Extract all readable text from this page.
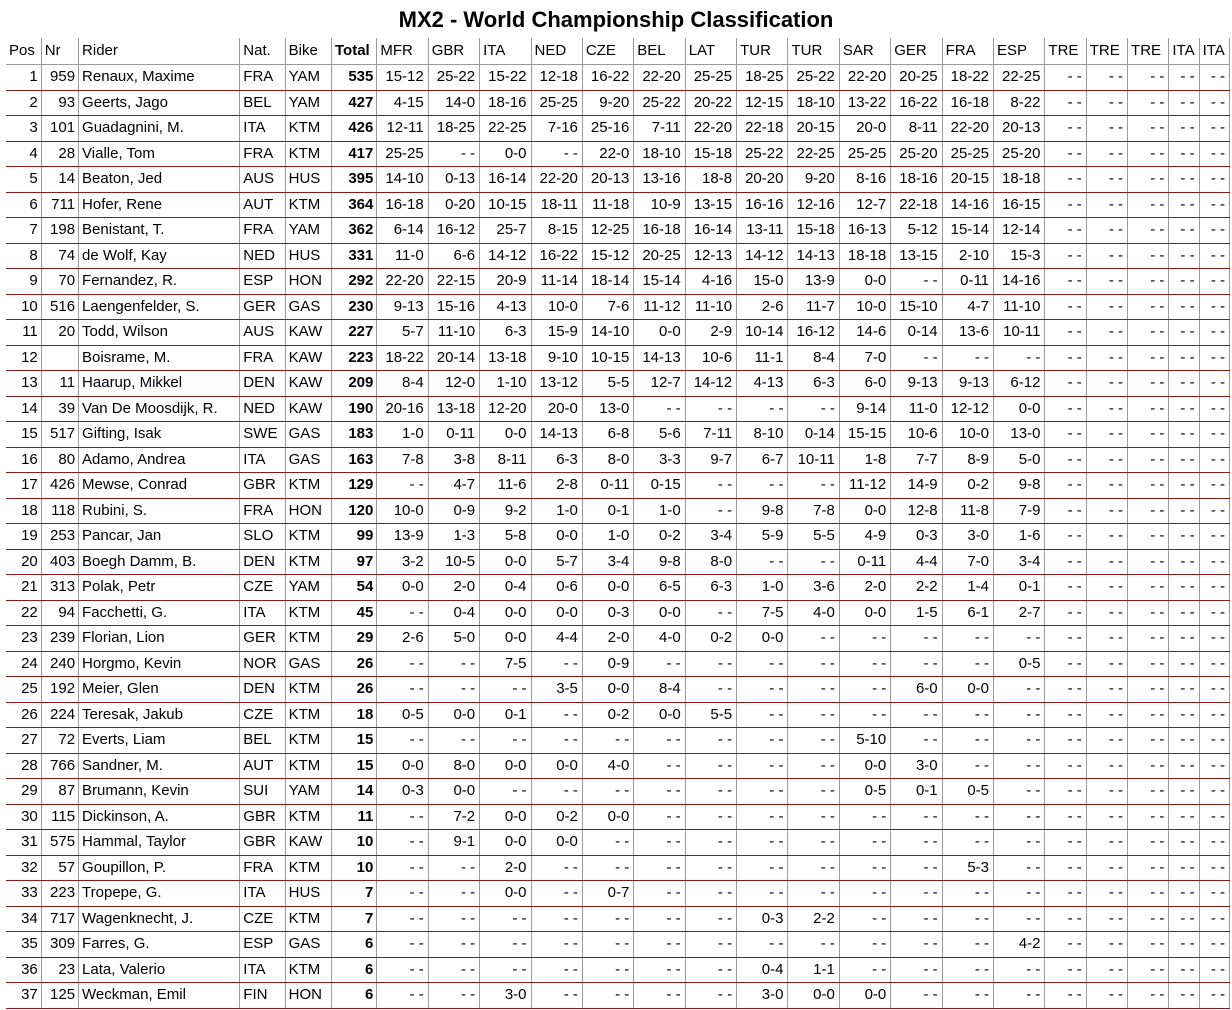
MX2 - World Championship Classification
Pos	Nr	Rider	Nat.	Bike	Total	MFR	GBR	ITA	NED	CZE	BEL	LAT	TUR	TUR	SAR	GER	FRA	ESP	TRE	TRE	TRE	ITA	ITA
1	959	Renaux, Maxime	FRA	YAM	535	15-12	25-22	15-22	12-18	16-22	22-20	25-25	18-25	25-22	22-20	20-25	18-22	22-25	- -	- -	- -	- -	- -
2	93	Geerts, Jago	BEL	YAM	427	4-15	14-0	18-16	25-25	9-20	25-22	20-22	12-15	18-10	13-22	16-22	16-18	8-22	- -	- -	- -	- -	- -
3	101	Guadagnini, M.	ITA	KTM	426	12-11	18-25	22-25	7-16	25-16	7-11	22-20	22-18	20-15	20-0	8-11	22-20	20-13	- -	- -	- -	- -	- -
4	28	Vialle, Tom	FRA	KTM	417	25-25	- -	0-0	- -	22-0	18-10	15-18	25-22	22-25	25-25	25-20	25-25	25-20	- -	- -	- -	- -	- -
5	14	Beaton, Jed	AUS	HUS	395	14-10	0-13	16-14	22-20	20-13	13-16	18-8	20-20	9-20	8-16	18-16	20-15	18-18	- -	- -	- -	- -	- -
6	711	Hofer, Rene	AUT	KTM	364	16-18	0-20	10-15	18-11	11-18	10-9	13-15	16-16	12-16	12-7	22-18	14-16	16-15	- -	- -	- -	- -	- -
7	198	Benistant, T.	FRA	YAM	362	6-14	16-12	25-7	8-15	12-25	16-18	16-14	13-11	15-18	16-13	5-12	15-14	12-14	- -	- -	- -	- -	- -
8	74	de Wolf, Kay	NED	HUS	331	11-0	6-6	14-12	16-22	15-12	20-25	12-13	14-12	14-13	18-18	13-15	2-10	15-3	- -	- -	- -	- -	- -
9	70	Fernandez, R.	ESP	HON	292	22-20	22-15	20-9	11-14	18-14	15-14	4-16	15-0	13-9	0-0	- -	0-11	14-16	- -	- -	- -	- -	- -
10	516	Laengenfelder, S.	GER	GAS	230	9-13	15-16	4-13	10-0	7-6	11-12	11-10	2-6	11-7	10-0	15-10	4-7	11-10	- -	- -	- -	- -	- -
11	20	Todd, Wilson	AUS	KAW	227	5-7	11-10	6-3	15-9	14-10	0-0	2-9	10-14	16-12	14-6	0-14	13-6	10-11	- -	- -	- -	- -	- -
12		Boisrame, M.	FRA	KAW	223	18-22	20-14	13-18	9-10	10-15	14-13	10-6	11-1	8-4	7-0	- -	- -	- -	- -	- -	- -	- -	- -
13	11	Haarup, Mikkel	DEN	KAW	209	8-4	12-0	1-10	13-12	5-5	12-7	14-12	4-13	6-3	6-0	9-13	9-13	6-12	- -	- -	- -	- -	- -
14	39	Van De Moosdijk, R.	NED	KAW	190	20-16	13-18	12-20	20-0	13-0	- -	- -	- -	- -	9-14	11-0	12-12	0-0	- -	- -	- -	- -	- -
15	517	Gifting, Isak	SWE	GAS	183	1-0	0-11	0-0	14-13	6-8	5-6	7-11	8-10	0-14	15-15	10-6	10-0	13-0	- -	- -	- -	- -	- -
16	80	Adamo, Andrea	ITA	GAS	163	7-8	3-8	8-11	6-3	8-0	3-3	9-7	6-7	10-11	1-8	7-7	8-9	5-0	- -	- -	- -	- -	- -
17	426	Mewse, Conrad	GBR	KTM	129	- -	4-7	11-6	2-8	0-11	0-15	- -	- -	- -	11-12	14-9	0-2	9-8	- -	- -	- -	- -	- -
18	118	Rubini, S.	FRA	HON	120	10-0	0-9	9-2	1-0	0-1	1-0	- -	9-8	7-8	0-0	12-8	11-8	7-9	- -	- -	- -	- -	- -
19	253	Pancar, Jan	SLO	KTM	99	13-9	1-3	5-8	0-0	1-0	0-2	3-4	5-9	5-5	4-9	0-3	3-0	1-6	- -	- -	- -	- -	- -
20	403	Boegh Damm, B.	DEN	KTM	97	3-2	10-5	0-0	5-7	3-4	9-8	8-0	- -	- -	0-11	4-4	7-0	3-4	- -	- -	- -	- -	- -
21	313	Polak, Petr	CZE	YAM	54	0-0	2-0	0-4	0-6	0-0	6-5	6-3	1-0	3-6	2-0	2-2	1-4	0-1	- -	- -	- -	- -	- -
22	94	Facchetti, G.	ITA	KTM	45	- -	0-4	0-0	0-0	0-3	0-0	- -	7-5	4-0	0-0	1-5	6-1	2-7	- -	- -	- -	- -	- -
23	239	Florian, Lion	GER	KTM	29	2-6	5-0	0-0	4-4	2-0	4-0	0-2	0-0	- -	- -	- -	- -	- -	- -	- -	- -	- -	- -
24	240	Horgmo, Kevin	NOR	GAS	26	- -	- -	7-5	- -	0-9	- -	- -	- -	- -	- -	- -	- -	0-5	- -	- -	- -	- -	- -
25	192	Meier, Glen	DEN	KTM	26	- -	- -	- -	3-5	0-0	8-4	- -	- -	- -	- -	6-0	0-0	- -	- -	- -	- -	- -	- -
26	224	Teresak, Jakub	CZE	KTM	18	0-5	0-0	0-1	- -	0-2	0-0	5-5	- -	- -	- -	- -	- -	- -	- -	- -	- -	- -	- -
27	72	Everts, Liam	BEL	KTM	15	- -	- -	- -	- -	- -	- -	- -	- -	- -	5-10	- -	- -	- -	- -	- -	- -	- -	- -
28	766	Sandner, M.	AUT	KTM	15	0-0	8-0	0-0	0-0	4-0	- -	- -	- -	- -	0-0	3-0	- -	- -	- -	- -	- -	- -	- -
29	87	Brumann, Kevin	SUI	YAM	14	0-3	0-0	- -	- -	- -	- -	- -	- -	- -	0-5	0-1	0-5	- -	- -	- -	- -	- -	- -
30	115	Dickinson, A.	GBR	KTM	11	- -	7-2	0-0	0-2	0-0	- -	- -	- -	- -	- -	- -	- -	- -	- -	- -	- -	- -	- -
31	575	Hammal, Taylor	GBR	KAW	10	- -	9-1	0-0	0-0	- -	- -	- -	- -	- -	- -	- -	- -	- -	- -	- -	- -	- -	- -
32	57	Goupillon, P.	FRA	KTM	10	- -	- -	2-0	- -	- -	- -	- -	- -	- -	- -	- -	5-3	- -	- -	- -	- -	- -	- -
33	223	Tropepe, G.	ITA	HUS	7	- -	- -	0-0	- -	0-7	- -	- -	- -	- -	- -	- -	- -	- -	- -	- -	- -	- -	- -
34	717	Wagenknecht, J.	CZE	KTM	7	- -	- -	- -	- -	- -	- -	- -	0-3	2-2	- -	- -	- -	- -	- -	- -	- -	- -	- -
35	309	Farres, G.	ESP	GAS	6	- -	- -	- -	- -	- -	- -	- -	- -	- -	- -	- -	- -	4-2	- -	- -	- -	- -	- -
36	23	Lata, Valerio	ITA	KTM	6	- -	- -	- -	- -	- -	- -	- -	0-4	1-1	- -	- -	- -	- -	- -	- -	- -	- -	- -
37	125	Weckman, Emil	FIN	HON	6	- -	- -	3-0	- -	- -	- -	- -	3-0	0-0	0-0	- -	- -	- -	- -	- -	- -	- -	- -
